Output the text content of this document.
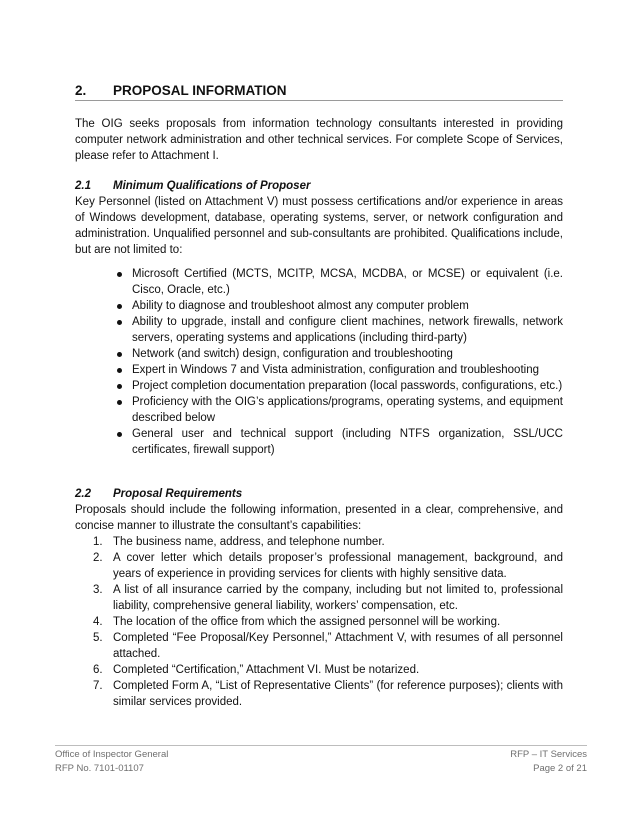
2. PROPOSAL INFORMATION

The OIG seeks proposals from information technology consultants interested in providing computer network administration and other technical services. For complete Scope of Services, please refer to Attachment I.

2.1 Minimum Qualifications of Proposer

Key Personnel (listed on Attachment V) must possess certifications and/or experience in areas of Windows development, database, operating systems, server, or network configuration and administration. Unqualified personnel and sub-consultants are prohibited. Qualifications include, but are not limited to:

Microsoft Certified (MCTS, MCITP, MCSA, MCDBA, or MCSE) or equivalent (i.e. Cisco, Oracle, etc.)
Ability to diagnose and troubleshoot almost any computer problem
Ability to upgrade, install and configure client machines, network firewalls, network servers, operating systems and applications (including third-party)
Network (and switch) design, configuration and troubleshooting
Expert in Windows 7 and Vista administration, configuration and troubleshooting
Project completion documentation preparation (local passwords, configurations, etc.)
Proficiency with the OIG’s applications/programs, operating systems, and equipment described below
General user and technical support (including NTFS organization, SSL/UCC certificates, firewall support)
2.2 Proposal Requirements

Proposals should include the following information, presented in a clear, comprehensive, and concise manner to illustrate the consultant’s capabilities:

1. The business name, address, and telephone number.
2. A cover letter which details proposer’s professional management, background, and years of experience in providing services for clients with highly sensitive data.
3. A list of all insurance carried by the company, including but not limited to, professional liability, comprehensive general liability, workers’ compensation, etc.
4. The location of the office from which the assigned personnel will be working.
5. Completed “Fee Proposal/Key Personnel,” Attachment V, with resumes of all personnel attached.
6. Completed “Certification,” Attachment VI. Must be notarized.
7. Completed Form A, “List of Representative Clients” (for reference purposes); clients with similar services provided.
Office of Inspector General
RFP No. 7101-01107
RFP – IT Services
Page 2 of 21
